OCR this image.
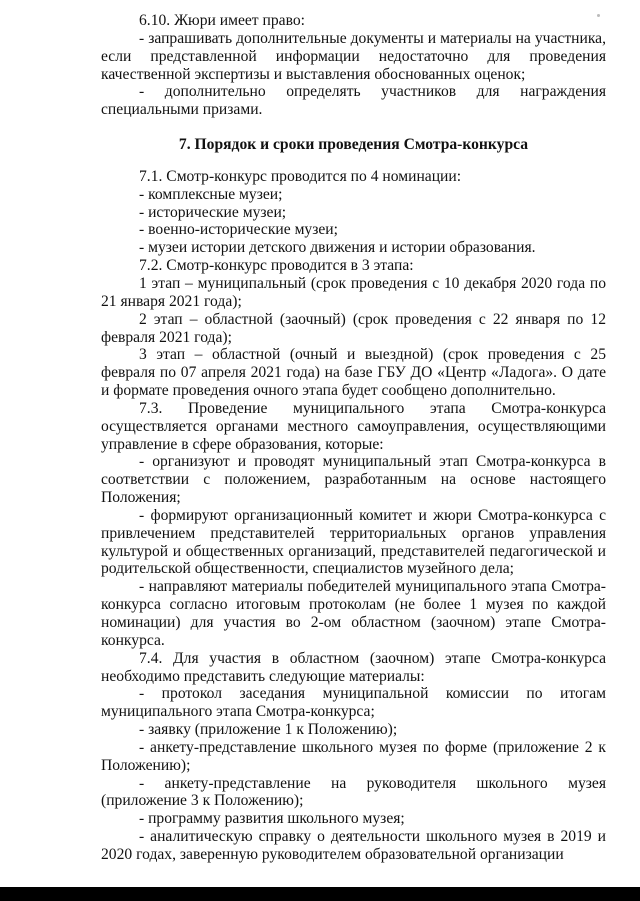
6.10. Жюри имеет право:

- запрашивать дополнительные документы и материалы на участника, если представленной информации недостаточно для проведения качественной экспертизы и выставления обоснованных оценок;

- дополнительно определять участников для награждения специальными призами.

7. Порядок и сроки проведения Смотра-конкурса

7.1. Смотр-конкурс проводится по 4 номинации:

- комплексные музеи;

- исторические музеи;

- военно-исторические музеи;

- музеи истории детского движения и истории образования.

7.2. Смотр-конкурс проводится в 3 этапа:

1 этап – муниципальный (срок проведения с 10 декабря 2020 года по 21 января 2021 года);

2 этап – областной (заочный) (срок проведения с 22 января по 12 февраля 2021 года);

3 этап – областной (очный и выездной) (срок проведения с 25 февраля по 07 апреля 2021 года) на базе ГБУ ДО «Центр «Ладога». О дате и формате проведения очного этапа будет сообщено дополнительно.

7.3. Проведение муниципального этапа Смотра-конкурса осуществляется органами местного самоуправления, осуществляющими управление в сфере образования, которые:

- организуют и проводят муниципальный этап Смотра-конкурса в соответствии с положением, разработанным на основе настоящего Положения;

- формируют организационный комитет и жюри Смотра-конкурса с привлечением представителей территориальных органов управления культурой и общественных организаций, представителей педагогической и родительской общественности, специалистов музейного дела;

- направляют материалы победителей муниципального этапа Смотра-конкурса согласно итоговым протоколам (не более 1 музея по каждой номинации) для участия во 2-ом областном (заочном) этапе Смотра-конкурса.

7.4. Для участия в областном (заочном) этапе Смотра-конкурса необходимо представить следующие материалы:

- протокол заседания муниципальной комиссии по итогам муниципального этапа Смотра-конкурса;

- заявку (приложение 1 к Положению);

- анкету-представление школьного музея по форме (приложение 2 к Положению);

- анкету-представление на руководителя школьного музея (приложение 3 к Положению);

- программу развития школьного музея;

- аналитическую справку о деятельности школьного музея в 2019 и 2020 годах, заверенную руководителем образовательной организации
